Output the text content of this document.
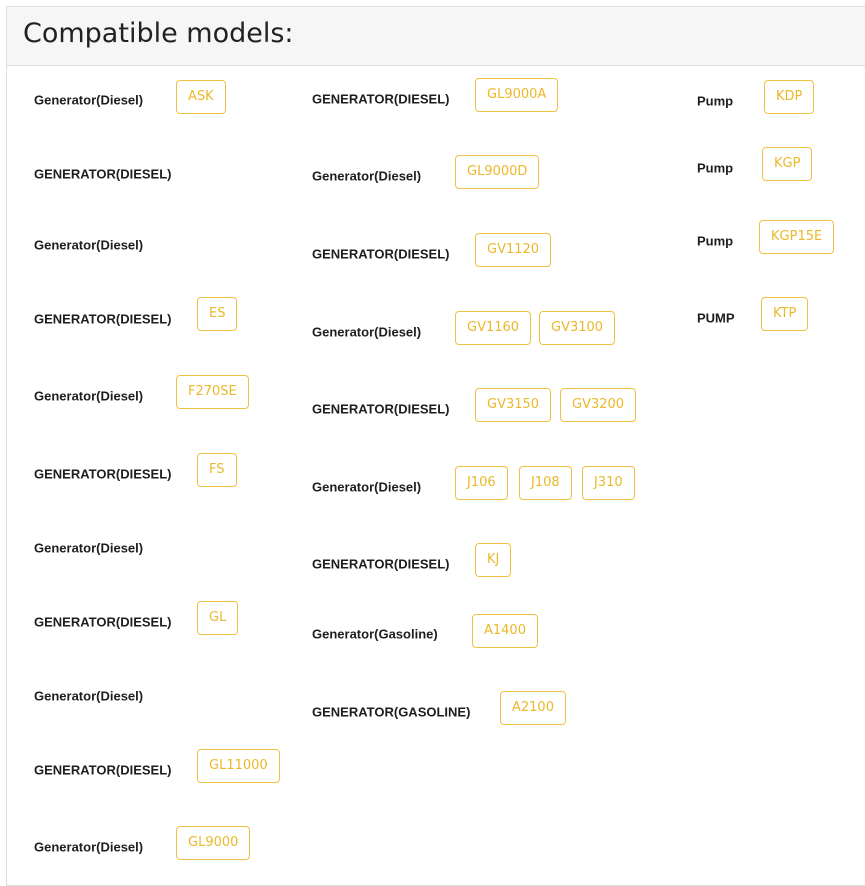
Compatible models:
Generator(Diesel)	ASK
GENERATOR(DIESEL)
Generator(Diesel)
GENERATOR(DIESEL)	ES
Generator(Diesel)	F270SE
GENERATOR(DIESEL)	FS
Generator(Diesel)
GENERATOR(DIESEL)	GL
Generator(Diesel)
GENERATOR(DIESEL)	GL11000
Generator(Diesel)	GL9000
GENERATOR(DIESEL)	GL9000A
Generator(Diesel)	GL9000D
GENERATOR(DIESEL)	GV1120
Generator(Diesel)	GV1160	GV3100
GENERATOR(DIESEL)	GV3150	GV3200
Generator(Diesel)	J106	J108	J310
GENERATOR(DIESEL)	KJ
Generator(Gasoline)	A1400
GENERATOR(GASOLINE)	A2100
Pump	KDP
Pump	KGP
Pump	KGP15E
PUMP	KTP
